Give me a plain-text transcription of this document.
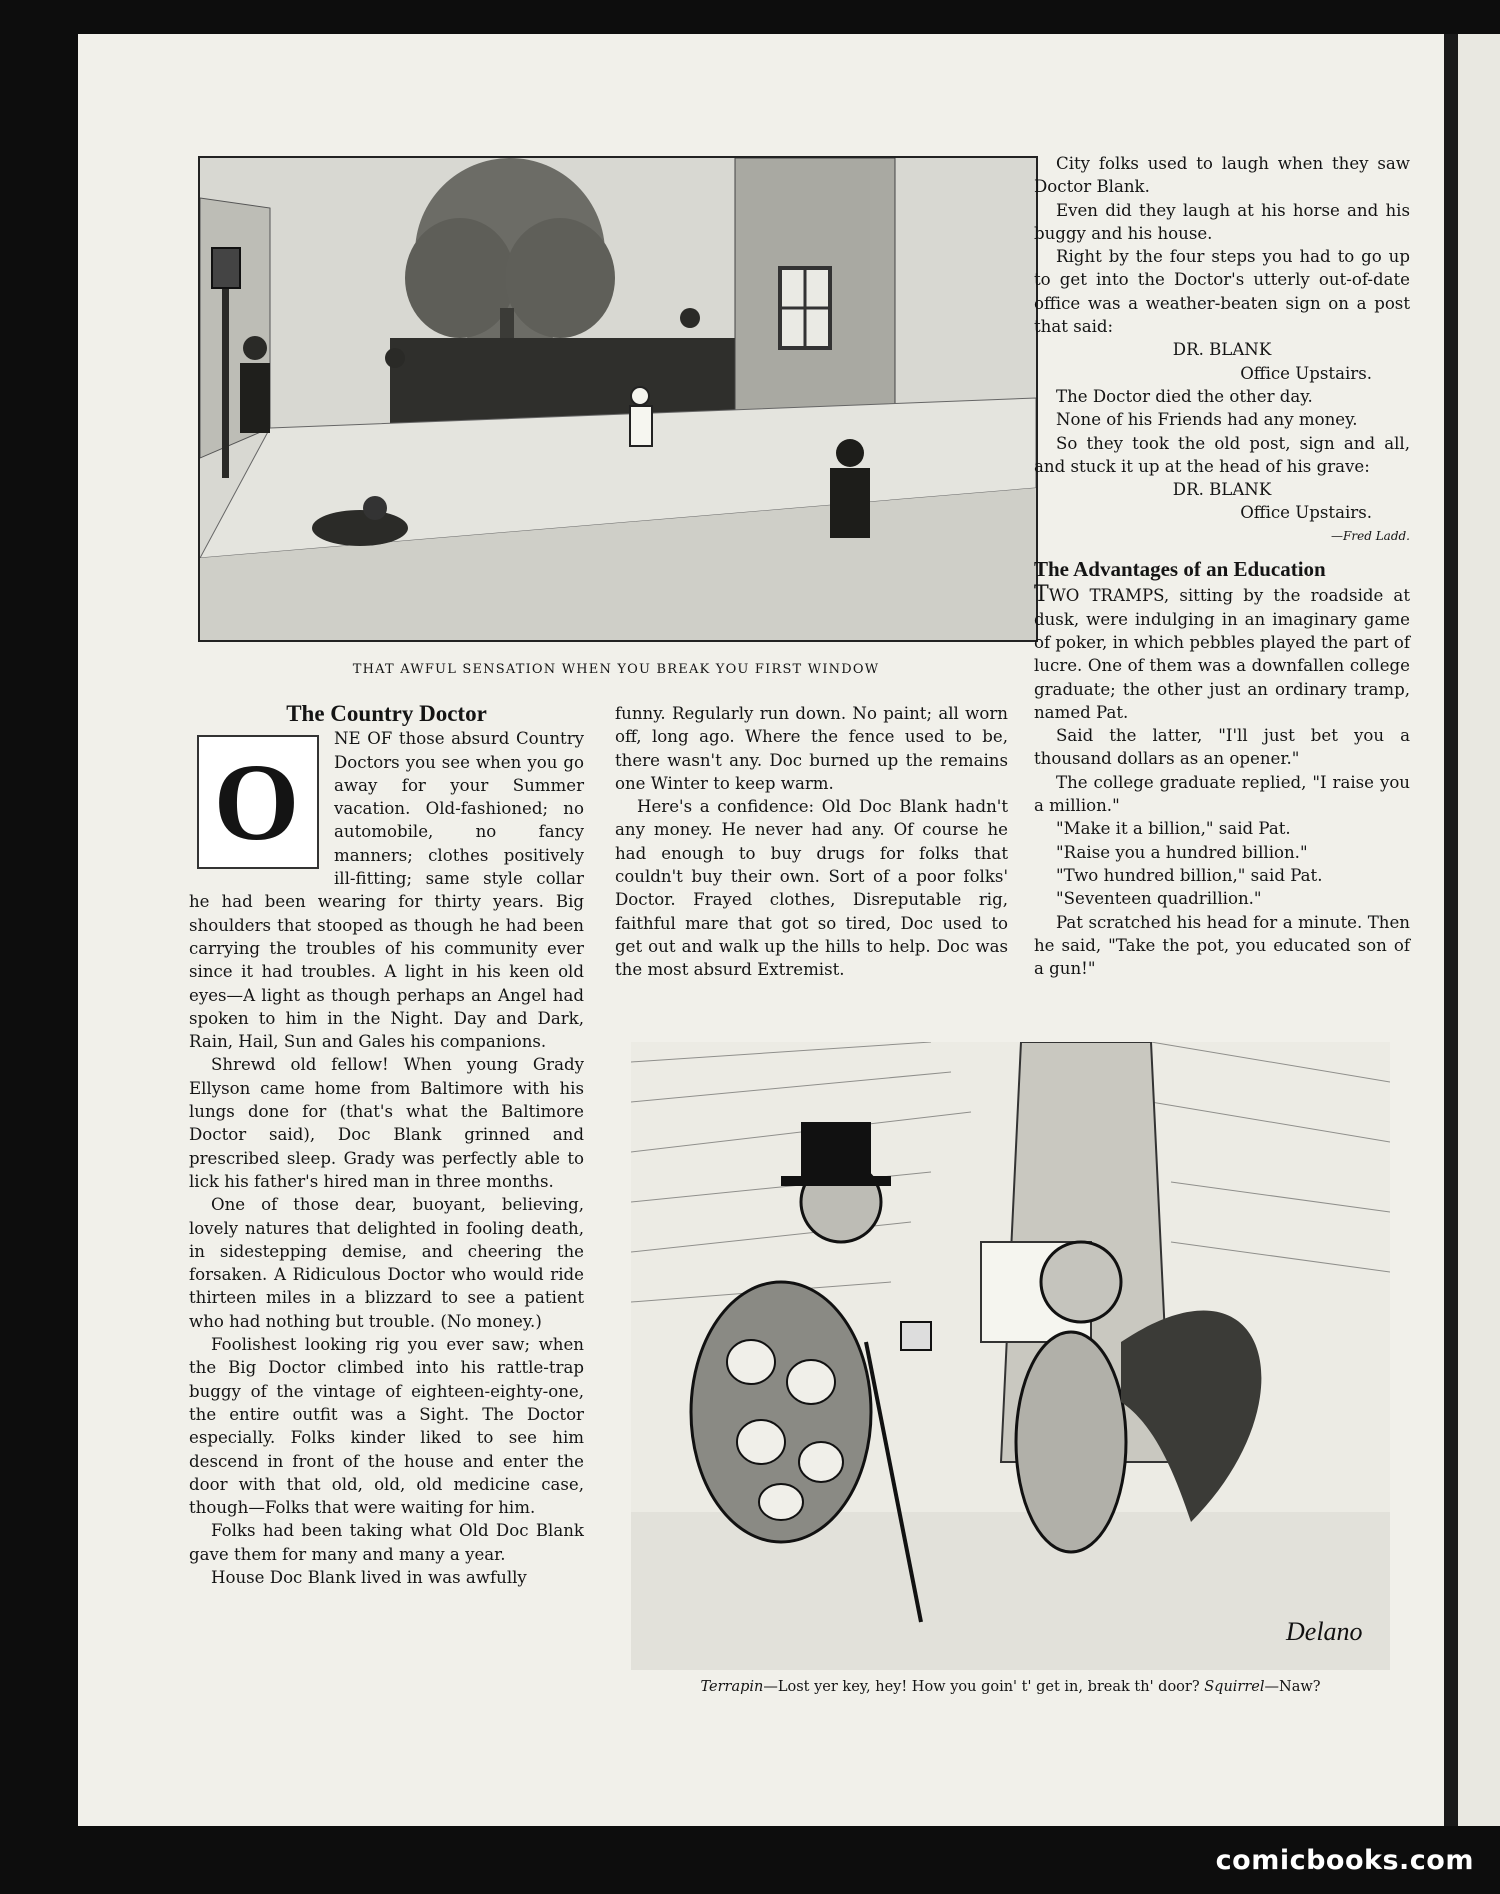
THAT AWFUL SENSATION WHEN YOU BREAK YOU FIRST WINDOW

The Country Doctor
O

NE OF those absurd Country Doctors you see when you go away for your Summer vacation. Old-fashioned; no automobile, no fancy manners; clothes positively ill-fitting; same style collar he had been wearing for thirty years. Big shoulders that stooped as though he had been carrying the troubles of his community ever since it had troubles. A light in his keen old eyes—A light as though perhaps an Angel had spoken to him in the Night. Day and Dark, Rain, Hail, Sun and Gales his companions.

Shrewd old fellow! When young Grady Ellyson came home from Baltimore with his lungs done for (that's what the Baltimore Doctor said), Doc Blank grinned and prescribed sleep. Grady was perfectly able to lick his father's hired man in three months.

One of those dear, buoyant, believing, lovely natures that delighted in fooling death, in sidestepping demise, and cheering the forsaken. A Ridiculous Doctor who would ride thirteen miles in a blizzard to see a patient who had nothing but trouble. (No money.)

Foolishest looking rig you ever saw; when the Big Doctor climbed into his rattle-trap buggy of the vintage of eighteen-eighty-one, the entire outfit was a Sight. The Doctor especially. Folks kinder liked to see him descend in front of the house and enter the door with that old, old, old medicine case, though—Folks that were waiting for him.

Folks had been taking what Old Doc Blank gave them for many and many a year.

House Doc Blank lived in was awfully

funny. Regularly run down. No paint; all worn off, long ago. Where the fence used to be, there wasn't any. Doc burned up the remains one Winter to keep warm.

Here's a confidence: Old Doc Blank hadn't any money. He never had any. Of course he had enough to buy drugs for folks that couldn't buy their own. Sort of a poor folks' Doctor. Frayed clothes, Disreputable rig, faithful mare that got so tired, Doc used to get out and walk up the hills to help. Doc was the most absurd Extremist.

City folks used to laugh when they saw Doctor Blank.

Even did they laugh at his horse and his buggy and his house.

Right by the four steps you had to go up to get into the Doctor's utterly out-of-date office was a weather-beaten sign on a post that said:

DR. BLANK

Office Upstairs.

The Doctor died the other day.

None of his Friends had any money.

So they took the old post, sign and all, and stuck it up at the head of his grave:

DR. BLANK

Office Upstairs.

—Fred Ladd.

The Advantages of an Education

TWO TRAMPS, sitting by the roadside at dusk, were indulging in an imaginary game of poker, in which pebbles played the part of lucre. One of them was a downfallen college graduate; the other just an ordinary tramp, named Pat.

Said the latter, "I'll just bet you a thousand dollars as an opener."

The college graduate replied, "I raise you a million."

"Make it a billion," said Pat.

"Raise you a hundred billion."

"Two hundred billion," said Pat.

"Seventeen quadrillion."

Pat scratched his head for a minute. Then he said, "Take the pot, you educated son of a gun!"

Delano

Terrapin—Lost yer key, hey! How you goin' t' get in, break th' door? Squirrel—Naw?

comicbooks.com
